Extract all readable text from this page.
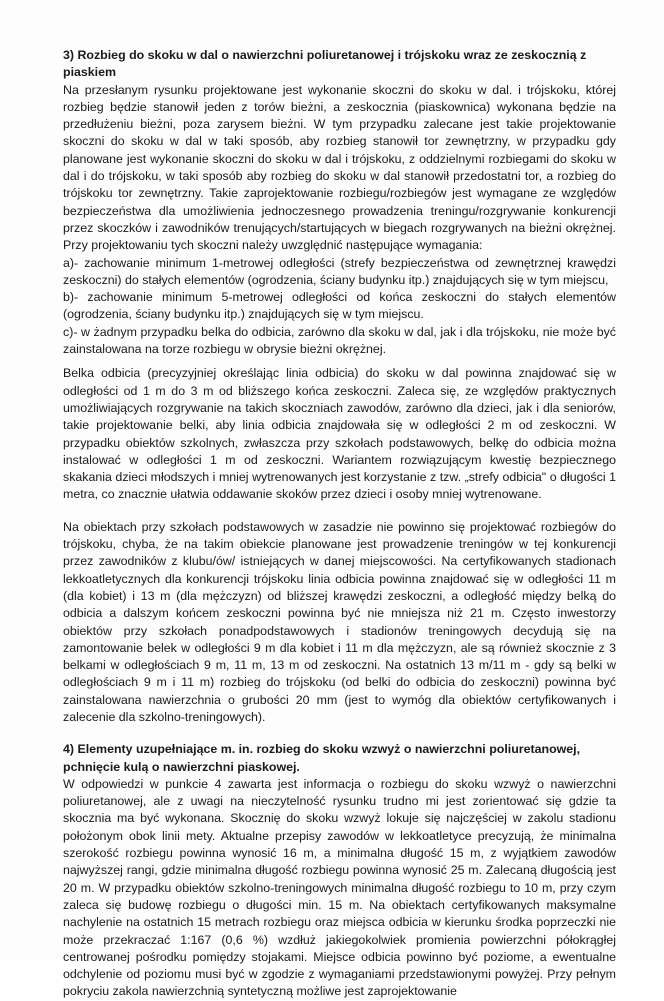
3) Rozbieg do skoku w dal o nawierzchni poliuretanowej i trójskoku wraz ze zeskocznią z piaskiem

Na przesłanym rysunku projektowane jest wykonanie skoczni do skoku w dal. i trójskoku, której rozbieg będzie stanowił jeden z torów bieżni, a zeskocznia (piaskownica) wykonana będzie na przedłużeniu bieżni, poza zarysem bieżni. W tym przypadku zalecane jest takie projektowanie skoczni do skoku w dal w taki sposób, aby rozbieg stanowił tor zewnętrzny, w przypadku gdy planowane jest wykonanie skoczni do skoku w dal i trójskoku, z oddzielnymi rozbiegami do skoku w dal i do trójskoku, w taki sposób aby rozbieg do skoku w dal stanowił przedostatni tor, a rozbieg do trójskoku tor zewnętrzny. Takie zaprojektowanie rozbiegu/rozbiegów jest wymagane ze względów bezpieczeństwa dla umożliwienia jednoczesnego prowadzenia treningu/rozgrywanie konkurencji przez skoczków i zawodników trenujących/startujących w biegach rozgrywanych na bieżni okrężnej. Przy projektowaniu tych skoczni należy uwzględnić następujące wymagania:

a)- zachowanie minimum 1-metrowej odległości (strefy bezpieczeństwa od zewnętrznej krawędzi zeskoczni) do stałych elementów (ogrodzenia, ściany budynku itp.) znajdujących się w tym miejscu,

b)- zachowanie minimum 5-metrowej odległości od końca zeskoczni do stałych elementów (ogrodzenia, ściany budynku itp.) znajdujących się w tym miejscu.

c)- w żadnym przypadku belka do odbicia, zarówno dla skoku w dal, jak i dla trójskoku, nie może być zainstalowana na torze rozbiegu w obrysie bieżni okrężnej.

Belka odbicia (precyzyjniej określając linia odbicia) do skoku w dal powinna znajdować się w odległości od 1 m do 3 m od bliższego końca zeskoczni. Zaleca się, ze względów praktycznych umożliwiających rozgrywanie na takich skoczniach zawodów, zarówno dla dzieci, jak i dla seniorów, takie projektowanie belki, aby linia odbicia znajdowała się w odległości 2 m od zeskoczni. W przypadku obiektów szkolnych, zwłaszcza przy szkołach podstawowych, belkę do odbicia można instalować w odległości 1 m od zeskoczni. Wariantem rozwiązującym kwestię bezpiecznego skakania dzieci młodszych i mniej wytrenowanych jest korzystanie z tzw. „strefy odbicia" o długości 1 metra, co znacznie ułatwia oddawanie skoków przez dzieci i osoby mniej wytrenowane.

Na obiektach przy szkołach podstawowych w zasadzie nie powinno się projektować rozbiegów do trójskoku, chyba, że na takim obiekcie planowane jest prowadzenie treningów w tej konkurencji przez zawodników z klubu/ów/ istniejących w danej miejscowości. Na certyfikowanych stadionach lekkoatletycznych dla konkurencji trójskoku linia odbicia powinna znajdować się w odległości 11 m (dla kobiet) i 13 m (dla mężczyzn) od bliższej krawędzi zeskoczni, a odległość między belką do odbicia a dalszym końcem zeskoczni powinna być nie mniejsza niż 21 m. Często inwestorzy obiektów przy szkołach ponadpodstawowych i stadionów treningowych decydują się na zamontowanie belek w odległości 9 m dla kobiet i 11 m dla mężczyzn, ale są również skocznie z 3 belkami w odległościach 9 m, 11 m, 13 m od zeskoczni. Na ostatnich 13 m/11 m - gdy są belki w odległościach 9 m i 11 m) rozbieg do trójskoku (od belki do odbicia do zeskoczni) powinna być zainstalowana nawierzchnia o grubości 20 mm (jest to wymóg dla obiektów certyfikowanych i zalecenie dla szkolno-treningowych).

4) Elementy uzupełniające m. in. rozbieg do skoku wzwyż o nawierzchni poliuretanowej, pchnięcie kulą o nawierzchni piaskowej.

W odpowiedzi w punkcie 4 zawarta jest informacja o rozbiegu do skoku wzwyż o nawierzchni poliuretanowej, ale z uwagi na nieczytelność rysunku trudno mi jest zorientować się gdzie ta skocznia ma być wykonana. Skocznię do skoku wzwyż lokuje się najczęściej w zakolu stadionu położonym obok linii mety. Aktualne przepisy zawodów w lekkoatletyce precyzują, że minimalna szerokość rozbiegu powinna wynosić 16 m, a minimalna długość 15 m, z wyjątkiem zawodów najwyższej rangi, gdzie minimalna długość rozbiegu powinna wynosić 25 m. Zalecaną długością jest 20 m. W przypadku obiektów szkolno-treningowych minimalna długość rozbiegu to 10 m, przy czym zaleca się budowę rozbiegu o długości min. 15 m. Na obiektach certyfikowanych maksymalne nachylenie na ostatnich 15 metrach rozbiegu oraz miejsca odbicia w kierunku środka poprzeczki nie może przekraczać 1:167 (0,6 %) wzdłuż jakiegokolwiek promienia powierzchni półokrągłej centrowanej pośrodku pomiędzy stojakami. Miejsce odbicia powinno być poziome, a ewentualne odchylenie od poziomu musi być w zgodzie z wymaganiami przedstawionymi powyżej. Przy pełnym pokryciu zakola nawierzchnią syntetyczną możliwe jest zaprojektowanie
